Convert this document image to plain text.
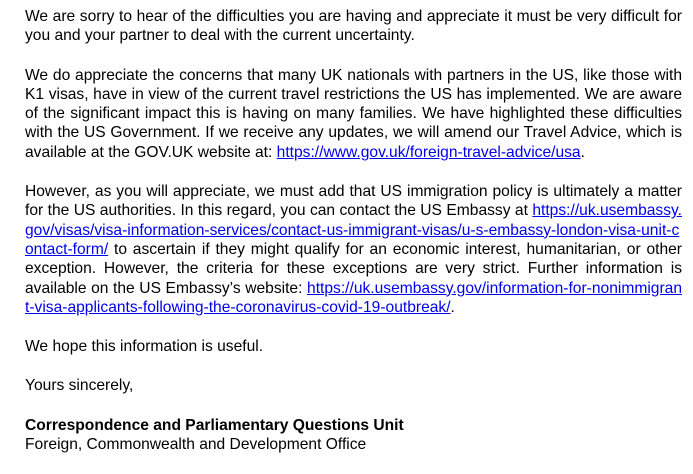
We are sorry to hear of the difficulties you are having and appreciate it must be very difficult for you and your partner to deal with the current uncertainty.

We do appreciate the concerns that many UK nationals with partners in the US, like those with K1 visas, have in view of the current travel restrictions the US has implemented. We are aware of the significant impact this is having on many families. We have highlighted these difficulties with the US Government. If we receive any updates, we will amend our Travel Advice, which is available at the GOV.UK website at: https://www.gov.uk/foreign-travel-advice/usa.

However, as you will appreciate, we must add that US immigration policy is ultimately a matter for the US authorities. In this regard, you can contact the US Embassy at https://uk.usembassy.gov/visas/visa-information-services/contact-us-immigrant-visas/u-s-embassy-london-visa-unit-contact-form/ to ascertain if they might qualify for an economic interest, humanitarian, or other exception. However, the criteria for these exceptions are very strict. Further information is available on the US Embassy’s website: https://uk.usembassy.gov/information-for-nonimmigrant-visa-applicants-following-the-coronavirus-covid-19-outbreak/.

We hope this information is useful.

Yours sincerely,

Correspondence and Parliamentary Questions Unit

Foreign, Commonwealth and Development Office
